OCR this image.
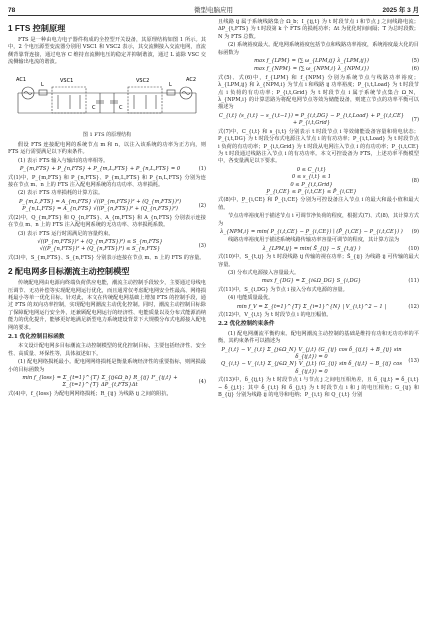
78	微型电脑应用	2025 年 3 月
1 FTS 控制原理

FTS 是一种由电力电子器件构成的全控型开关设备，其原理结构如图 1 所示。其中，2 个电压源型变流器分别用 VSC1 和 VSC2 表示，其交流侧接入交流电网，直流侧背靠背连接，通过电容 C 维持直流侧电压的稳定并抑制谐波，通过 L 滤除 VSC 交流侧输出电流的谐波。

AC1	AC2
VSC1	VSC2
L	L
C	C
图 1 FTS 的原理结构

假设 FTS 连接配电网的系统节点 m 和 n，以注入该系统的功率为正方向，则 FTS 运行需要满足以下约束条件。

(1) 表示 FTS 输入与输出的功率相等。

P_{m,FTS} + P_{n,FTS} + P_{m,L,FTS} + P_{n,L,FTS} = 0	(1)

式(1)中，P_{m,FTS} 和 P_{n,FTS}、P_{m,L,FTS} 和 P_{n,L,FTS} 分别为连接在节点 m、n 上的 FTS 注入配电网系统的有功功率、功率损耗。

(2) 表示 FTS 功率损耗的计算方法。

P_{m,L,FTS} = A_{m,FTS} √((P_{m,FTS})² + (Q_{m,FTS})²)
P_{n,L,FTS} = A_{n,FTS} √((P_{n,FTS})² + (Q_{n,FTS})²)
(2)

式(2)中，Q_{m,FTS} 和 Q_{n,FTS}、A_{m,FTS} 和 A_{n,FTS} 分别表示连接在节点 m、n 上的 FTS 注入配电网系统的无功功率、功率损耗系数。

(3) 表示 FTS 运行时需满足的容量约束。

√((P_{m,FTS})² + (Q_{m,FTS})²) ≤ S_{m,FTS}
√((P_{n,FTS})² + (Q_{n,FTS})²) ≤ S_{n,FTS}
(3)

式(3)中，S_{m,FTS}、S_{n,FTS} 分别表示连接在节点 m、n 上的 FTS 的容量。

2 配电网多目标潮流主动控制模型

传统配电网由电源向终端负荷供应电能，潮流主动控制手段较少，主要通过母线电压调节、无功补偿等实现配电网运行优化，而且通常仅考虑配电网安全性最高、网络损耗最小等单一优化目标。针对此，本文在传统配电网基础上增加 FTS 的控制手段，通过 FTS 的双向功率控制，实现配电网潮流主动优化控制。同时，潮流主动控制目标除了保障配电网运行安全外，还兼顾配电网运行的经济性、电能质量以及分布式能源消纳能力的优化提升，能够更好地满足新型电力系统建设背景下大规模分布式电源接入配电网的要求。

2.1 优化控制目标函数

本文设计配电网多目标潮流主动控制模型的优化控制目标，主要包括经济性、安全性、高质量、环保性等，具体叙述如下。

(1) 配电网络损耗最小。配电网网络损耗是衡量系统经济性的重要指标，则网损最小的目标函数为

min f_{loss} = Σ_{t=1}^{T} Σ_{ij∈Ω_b} R_{ij} I²_{ij,t} + Σ_{t=1}^{T} ΔP_{t,FTS}Δt
(4)

式(4)中，f_{loss} 为配电网网络损耗；R_{ij} 为线路 ij 之间的阻抗，

且线路 ij 属于系统线路集合 Ω_b；I_{ij,t} 为 t 时段节点 i 和节点 j 之间线路电流；ΔP_{t,FTS} 为 t 时段第 k 个 FTS 的损耗功率；Δt 为优化时间间隔；T 为总时段数；N 为 FTS 总数。

(2) 系统裕度最大。配电网系统裕度包括节点和线路功率裕度，系统裕度最大化的目标函数为

max f_{LPM} = (∑ ω_{LPM,ij} λ_{LPM,ij})	(5)
max f_{NPM} = (∑ ω_{NPM,i} λ_{NPM,i})	(6)

式(5)、式(6)中，f_{LPM} 和 f_{NPM} 分别为系统节点与线路功率裕度；λ_{LPM,ij} 和 λ_{NPM,i} 为节点 i 和线路 ij 功率裕度；P_{i,t,Load} 为 t 时段节点 i 负荷的有功功率；P_{i,t,Grid} 为 t 时段节点 i 属于系统节点集合 Ω_N，λ_{NPM,i} 的计算思路为将配电网节点等效为储能设备，则建立节点的功率平衡可以描述为

C_{i,t} (s_{i,t} − s_{i,t−1}) = P_{i,t,DG} − P_{i,t,Load} + P_{i,t,CE} + P_{i,t,Grid}
(7)

式(7)中，C_{i,t} 和 s_{i,t} 分别表示 t 时段节点 i 等效储能设备容量和荷电状态；P_{i,t,DG} 为 t 时段分布式电源注入节点 i 的有功功率；P_{i,t,Load} 为 t 时段节点 i 负荷的有功功率；P_{i,t,Grid} 为 t 时段从电网注入节点 i 的有功功率；P_{i,t,CE} 为 t 时段通过线路注入节点 i 的有功功率。本文可控设备为 FTS，上述功率平衡模型中，各变量满足以下要求。

0 ≤ C_{i,t}
0 ≤ s_{i,t} ≤ 1
0 ≤ P_{i,t,Grid}
P̲_{i,CE} ≤ P_{i,t,CE} ≤ P̄_{i,CE}
(8)

式(8)中，P̲_{i,CE} 和 P̄_{i,CE} 分别为可控设备注入节点 i 的最大和最小值和最大值。

节点功率裕度用于描述节点 i 可调节净负荷的程度，根据式(7)、式(8)，其计算方式为

λ_{NPM,i} = min( P_{i,t,CE} − P̲_{i,CE}) ∣ (P̄_{i,CE} − P_{i,t,CE}) )	(9)

线路功率裕度用于描述系统线路传输功率容量可调节的程度，其计算方法为

λ_{LPM,ij} = min( S̄_{ij} − S_{t,ij} )	(10)

式(10)中，S_{t,ij} 为 t 时段线路 ij 传输的视在功率；S̄_{ij} 为线路 ij 可传输的最大容量。

(3) 分布式电源接入容量最大。

max f_{DG} = Σ_{i∈Ω_DG} S_{i,DG}	(11)

式(11)中，S_{i,DG} 为节点 i 接入分布式电源的容量。

(4) 电能质量最优。

min f_V = Σ_{t=1}^{T} Σ_{i=1}^{N} | V_{i,t}^2 − 1 |	(12)

式(12)中，V_{i,t} 为 t 时段节点 i 的电压幅值。

2.2 优化控制约束条件

(1) 配电网潮流平衡约束。配电网潮流主动控制的基础是维持有功和无功功率的平衡，其约束条件可以描述为

P_{i,t} − V_{i,t} Σ_{j∈Ω_N} V_{j,t} (G_{ij} cos δ_{ij,t} + B_{ij} sin δ_{ij,t}) = 0
Q_{i,t} − V_{i,t} Σ_{j∈Ω_N} V_{j,t} (G_{ij} sin δ_{ij,t} − B_{ij} cos δ_{ij,t}) = 0
(13)

式(13)中，δ_{ij,t} 为 t 时段节点 i 与节点 j 之间电压相角差，且 δ_{ij,t} = δ_{i,t} − δ_{j,t}；其中 δ_{i,t} 和 δ_{j,t} 为 t 时段节点 i 和 j 的电压相角；G_{ij} 和 B_{ij} 分别为线路 ij 的电导和电纳；P_{i,t} 和 Q_{i,t} 分别
